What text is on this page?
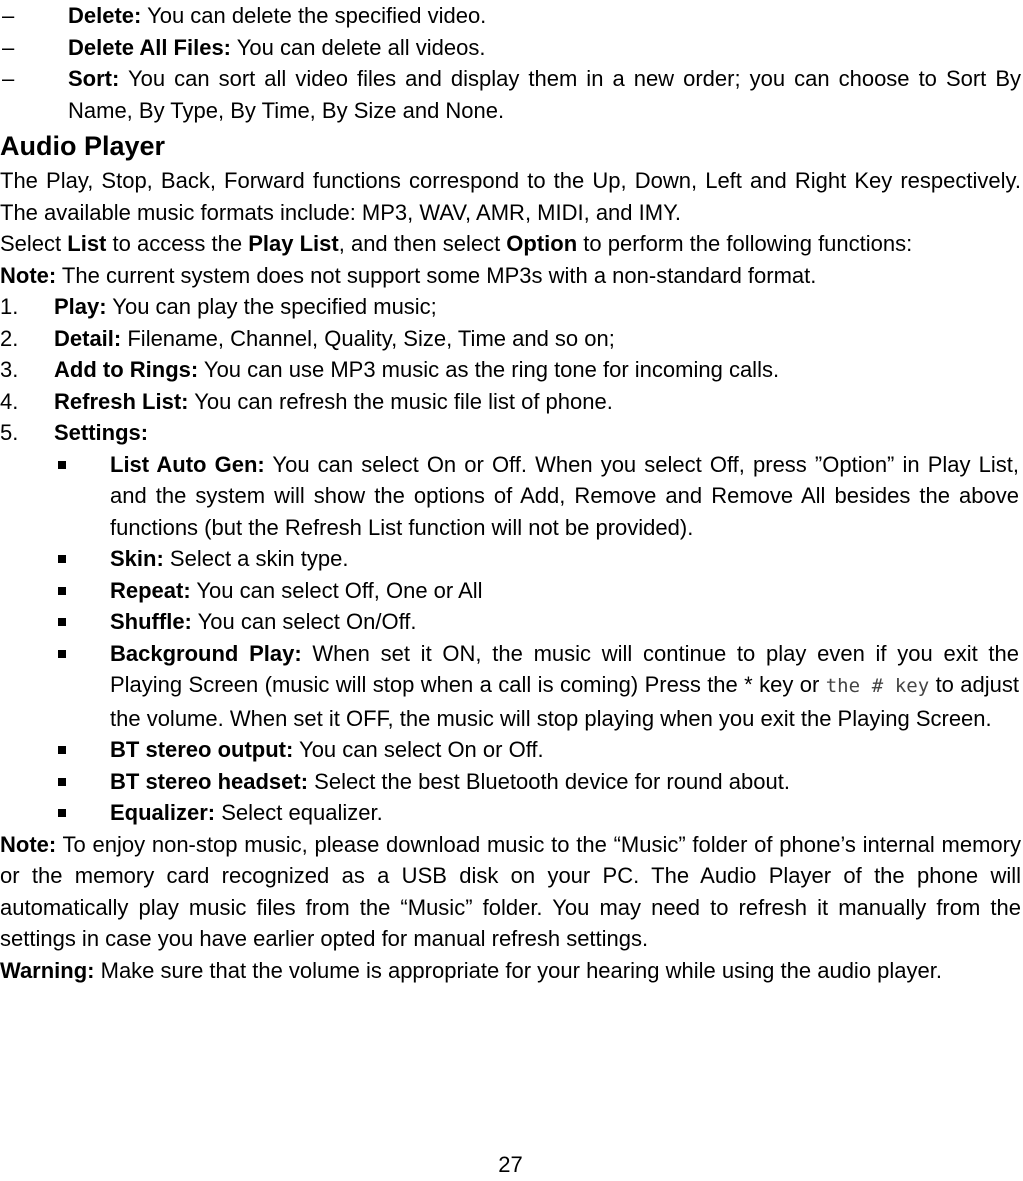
–	Delete: You can delete the specified video.
–	Delete All Files: You can delete all videos.
–	Sort: You can sort all video files and display them in a new order; you can choose to Sort By Name, By Type, By Time, By Size and None.
Audio Player
The Play, Stop, Back, Forward functions correspond to the Up, Down, Left and Right Key respectively. The available music formats include: MP3, WAV, AMR, MIDI, and IMY.
Select List to access the Play List, and then select Option to perform the following functions:
Note: The current system does not support some MP3s with a non-standard format.
1.	Play: You can play the specified music;
2.	Detail: Filename, Channel, Quality, Size, Time and so on;
3.	Add to Rings: You can use MP3 music as the ring tone for incoming calls.
4.	Refresh List: You can refresh the music file list of phone.
5.	Settings:
List Auto Gen: You can select On or Off. When you select Off, press ”Option” in Play List, and the system will show the options of Add, Remove and Remove All besides the above functions (but the Refresh List function will not be provided).
Skin: Select a skin type.
Repeat: You can select Off, One or All
Shuffle: You can select On/Off.
Background Play: When set it ON, the music will continue to play even if you exit the Playing Screen (music will stop when a call is coming) Press the * key or the # key to adjust the volume. When set it OFF, the music will stop playing when you exit the Playing Screen.
BT stereo output: You can select On or Off.
BT stereo headset: Select the best Bluetooth device for round about.
Equalizer: Select equalizer.
Note: To enjoy non-stop music, please download music to the “Music” folder of phone’s internal memory or the memory card recognized as a USB disk on your PC. The Audio Player of the phone will automatically play music files from the “Music” folder. You may need to refresh it manually from the settings in case you have earlier opted for manual refresh settings.
Warning: Make sure that the volume is appropriate for your hearing while using the audio player.
27
